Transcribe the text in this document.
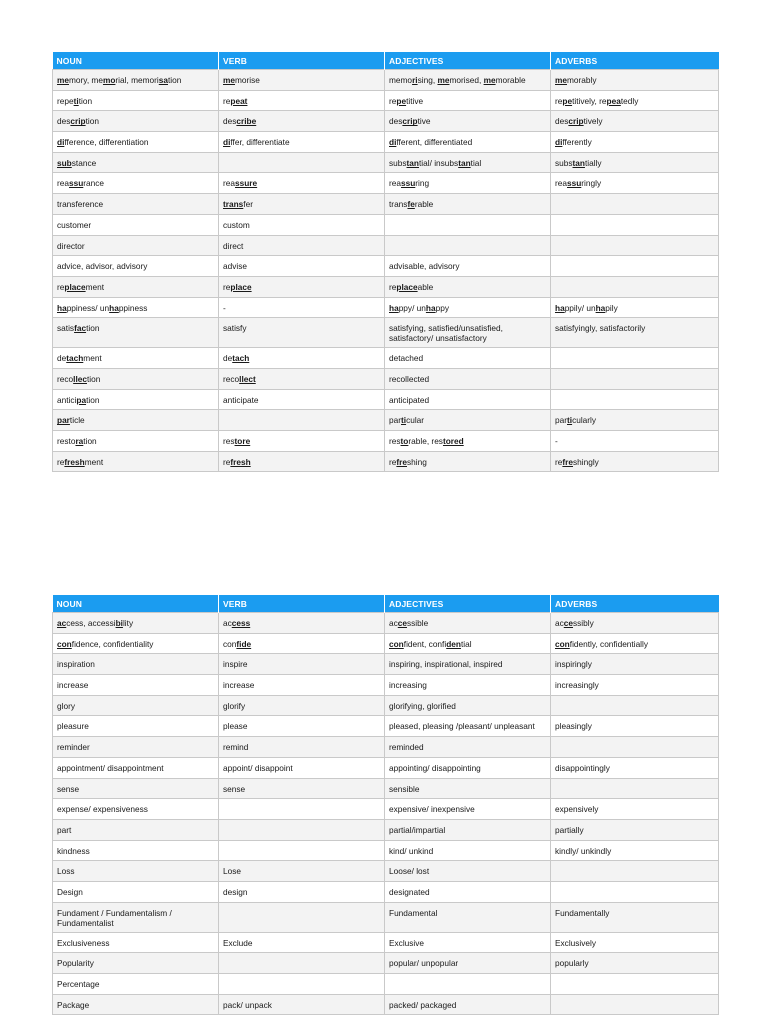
NOUN	VERB	ADJECTIVES	ADVERBS
memory, memorial, memorisation	memorise	memorising, memorised, memorable	memorably
repetition	repeat	repetitive	repetitively, repeatedly
description	describe	descriptive	descriptively
difference, differentiation	differ, differentiate	different, differentiated	differently
substance		substantial/ insubstantial	substantially
reassurance	reassure	reassuring	reassuringly
transference	transfer	transferable	
customer	custom		
director	direct		
advice, advisor, advisory	advise	advisable, advisory	
replacement	replace	replaceable	
happiness/ unhappiness	-	happy/ unhappy	happily/ unhapily
satisfaction	satisfy	satisfying, satisfied/unsatisfied, satisfactory/ unsatisfactory	satisfyingly, satisfactorily
detachment	detach	detached	
recollection	recollect	recollected	
anticipation	anticipate	anticipated	
particle		particular	particularly
restoration	restore	restorable, restored	-
refreshment	refresh	refreshing	refreshingly
NOUN	VERB	ADJECTIVES	ADVERBS
access, accessibility	access	accessible	accessibly
confidence, confidentiality	confide	confident, confidential	confidently, confidentially
inspiration	inspire	inspiring, inspirational, inspired	inspiringly
increase	increase	increasing	increasingly
glory	glorify	glorifying, glorified	
pleasure	please	pleased, pleasing /pleasant/ unpleasant	pleasingly
reminder	remind	reminded	
appointment/ disappointment	appoint/ disappoint	appointing/ disappointing	disappointingly
sense	sense	sensible	
expense/ expensiveness		expensive/ inexpensive	expensively
part		partial/impartial	partially
kindness		kind/ unkind	kindly/ unkindly
Loss	Lose	Loose/ lost	
Design	design	designated	
Fundament / Fundamentalism / Fundamentalist		Fundamental	Fundamentally
Exclusiveness	Exclude	Exclusive	Exclusively
Popularity		popular/ unpopular	popularly
Percentage			
Package	pack/ unpack	packed/ packaged	
